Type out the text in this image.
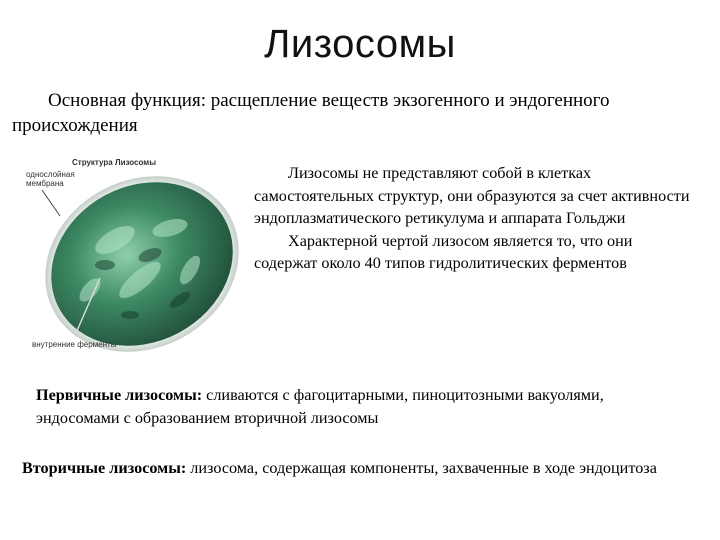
Лизосомы
Основная функция: расщепление веществ экзогенного и эндогенного происхождения
Структура Лизосомы
однослойная
мембрана
внутренние ферменты

Лизосомы не представляют собой в клетках самостоятельных структур, они образуются за счет активности эндоплазматического ретикулума и аппарата Гольджи

Характерной чертой лизосом является то, что они содержат около 40 типов гидролитических ферментов

Первичные лизосомы: сливаются с фагоцитарными, пиноцитозными вакуолями, эндосомами с образованием вторичной лизосомы
Вторичные лизосомы: лизосома, содержащая компоненты, захваченные в ходе эндоцитоза
